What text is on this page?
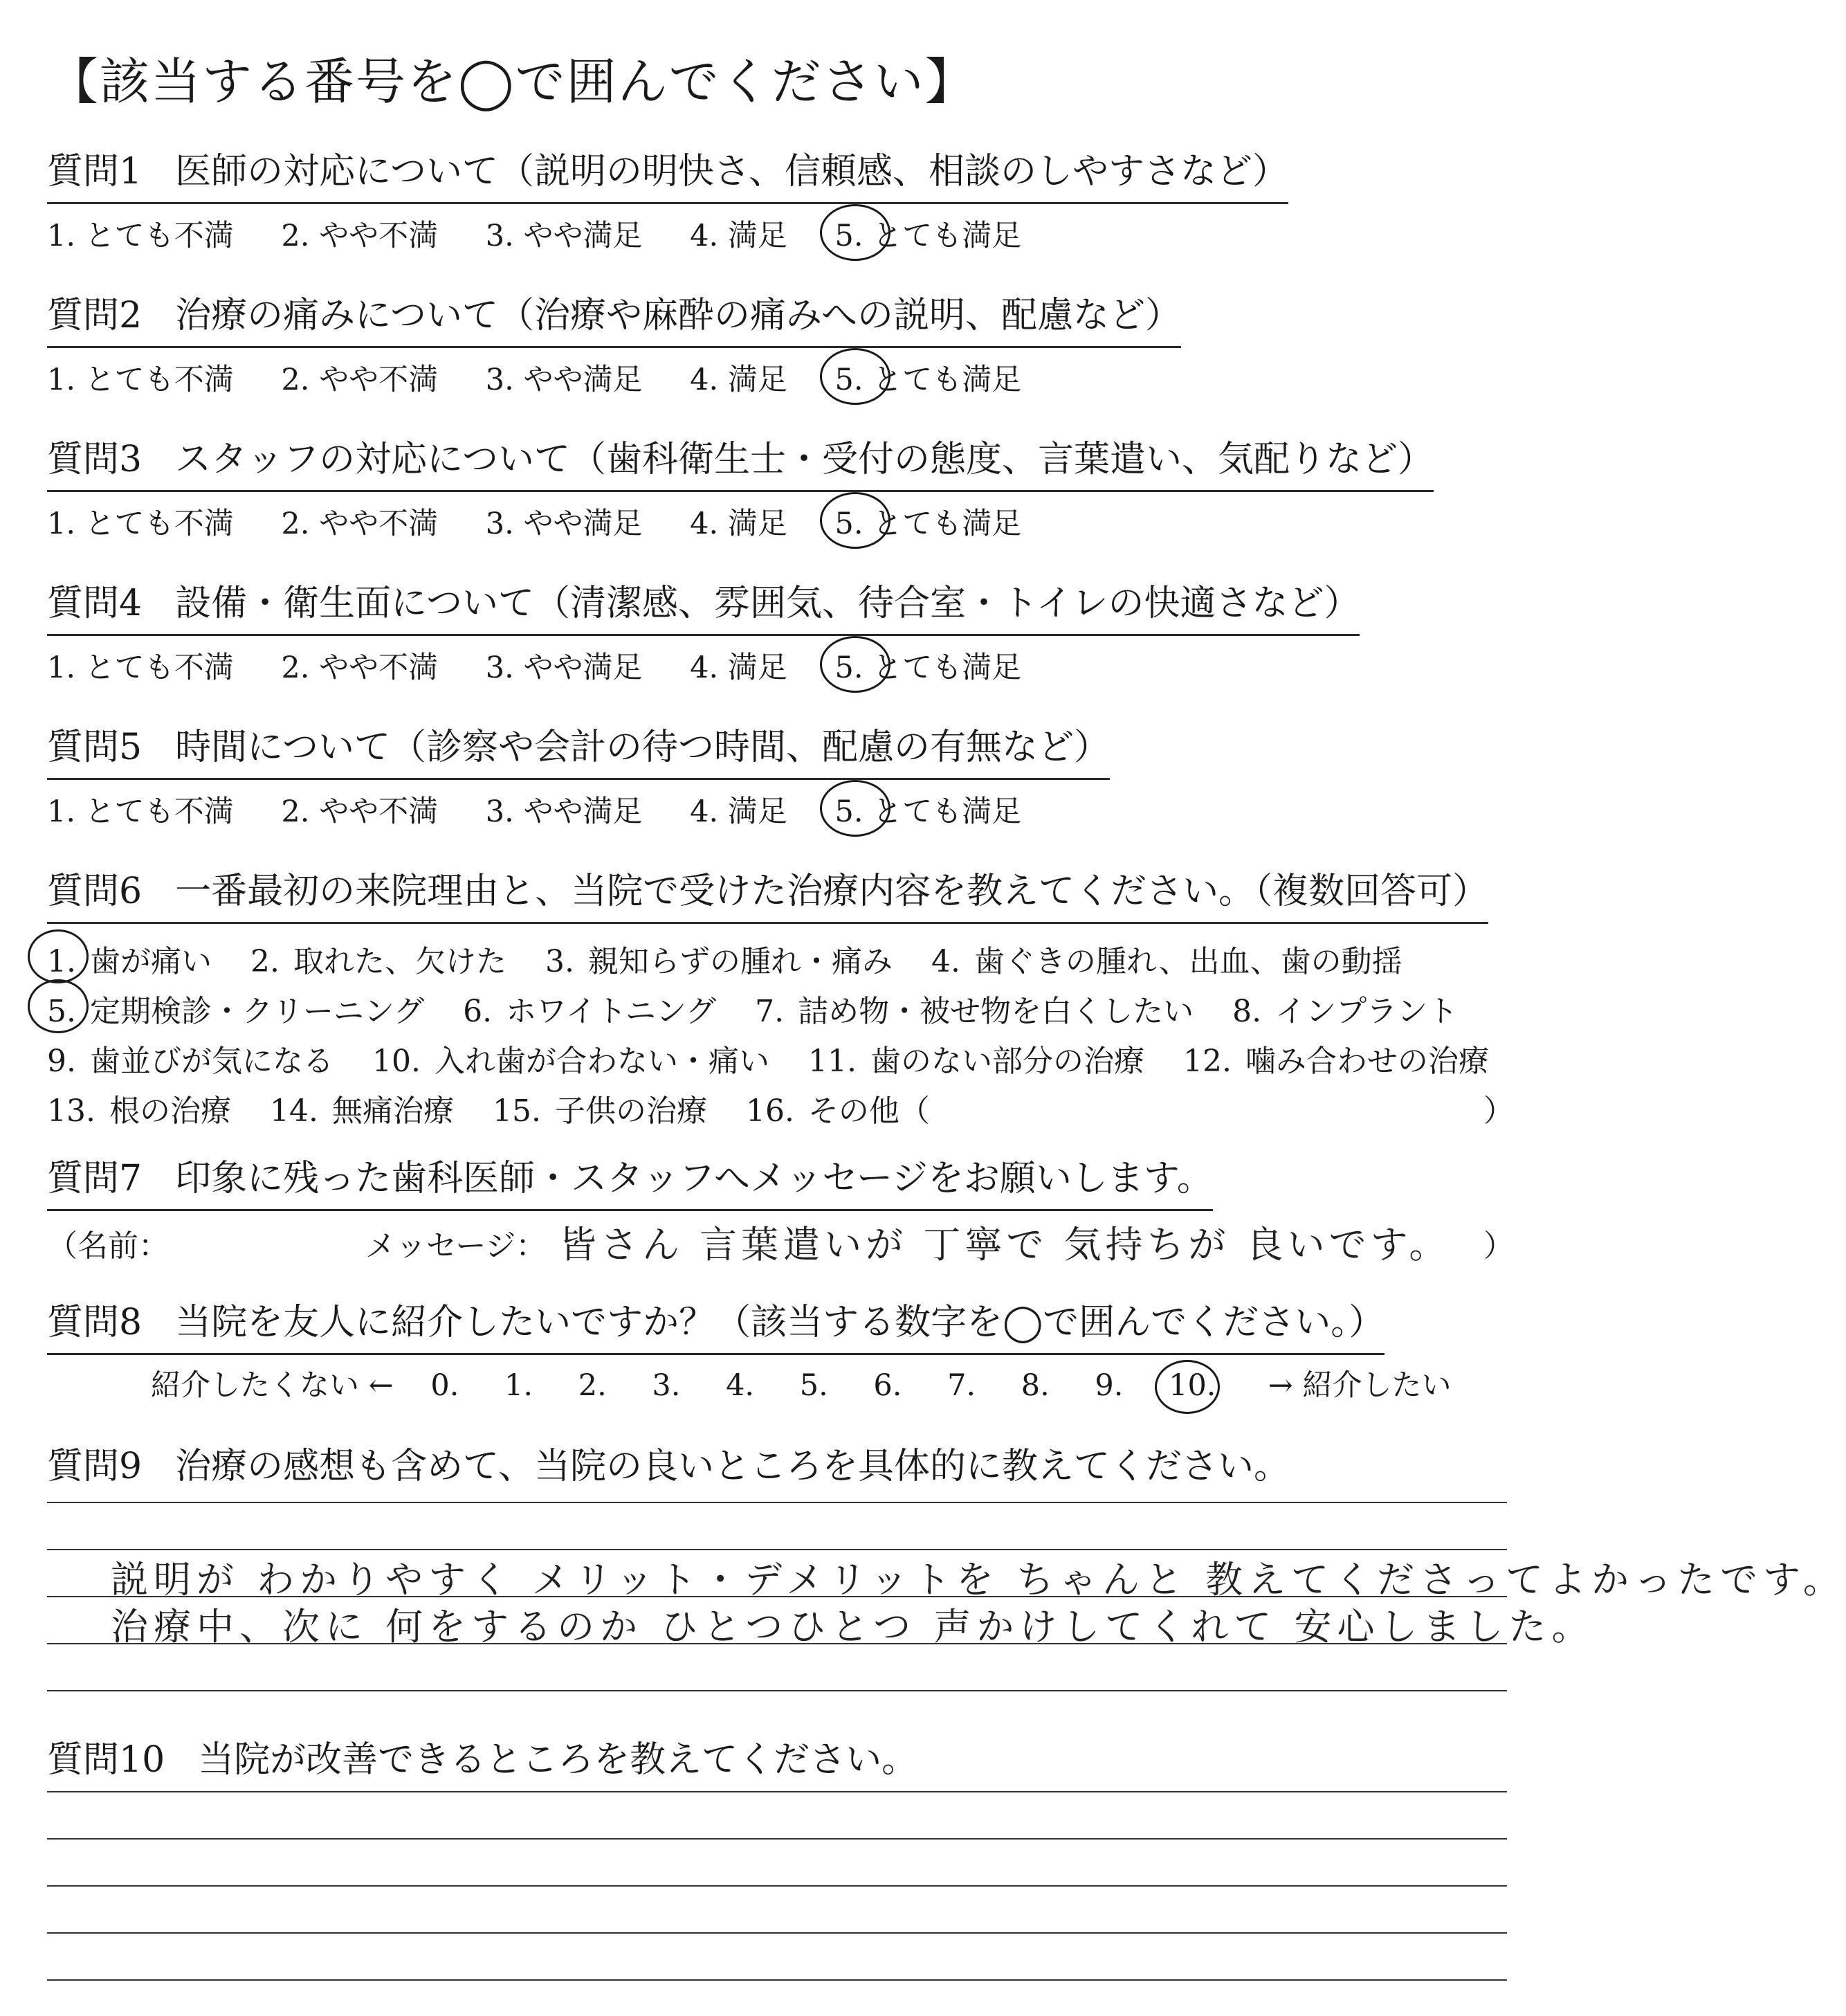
【該当する番号を◯で囲んでください】
質問1 医師の対応について（説明の明快さ、信頼感、相談のしやすさなど）
1. とても不満 2. やや不満 3. やや満足 4. 満足 5. とても満足
質問2 治療の痛みについて（治療や麻酔の痛みへの説明、配慮など）
1. とても不満 2. やや不満 3. やや満足 4. 満足 5. とても満足
質問3 スタッフの対応について（歯科衛生士・受付の態度、言葉遣い、気配りなど）
1. とても不満 2. やや不満 3. やや満足 4. 満足 5. とても満足
質問4 設備・衛生面について（清潔感、雰囲気、待合室・トイレの快適さなど）
1. とても不満 2. やや不満 3. やや満足 4. 満足 5. とても満足
質問5 時間について（診察や会計の待つ時間、配慮の有無など）
1. とても不満 2. やや不満 3. やや満足 4. 満足 5. とても満足
質問6 一番最初の来院理由と、当院で受けた治療内容を教えてください。（複数回答可）
1. 歯が痛い 2. 取れた、欠けた 3. 親知らずの腫れ・痛み 4. 歯ぐきの腫れ、出血、歯の動揺
5. 定期検診・クリーニング 6. ホワイトニング 7. 詰め物・被せ物を白くしたい 8. インプラント
9. 歯並びが気になる 10. 入れ歯が合わない・痛い 11. 歯のない部分の治療 12. 噛み合わせの治療
13. 根の治療 14. 無痛治療 15. 子供の治療 16. その他（	）
質問7 印象に残った歯科医師・スタッフへメッセージをお願いします。
（名前：	メッセージ： 皆さん 言葉遣いが 丁寧で 気持ちが 良いです。 ）
質問8 当院を友人に紹介したいですか？（該当する数字を◯で囲んでください。）
紹介したくない ← 0. 1. 2. 3. 4. 5. 6. 7. 8. 9. 10. → 紹介したい
質問9 治療の感想も含めて、当院の良いところを具体的に教えてください。
説明が わかりやすく メリット・デメリットを ちゃんと 教えてくださってよかったです。
治療中、次に 何をするのか ひとつひとつ 声かけしてくれて 安心しました。
質問10 当院が改善できるところを教えてください。
